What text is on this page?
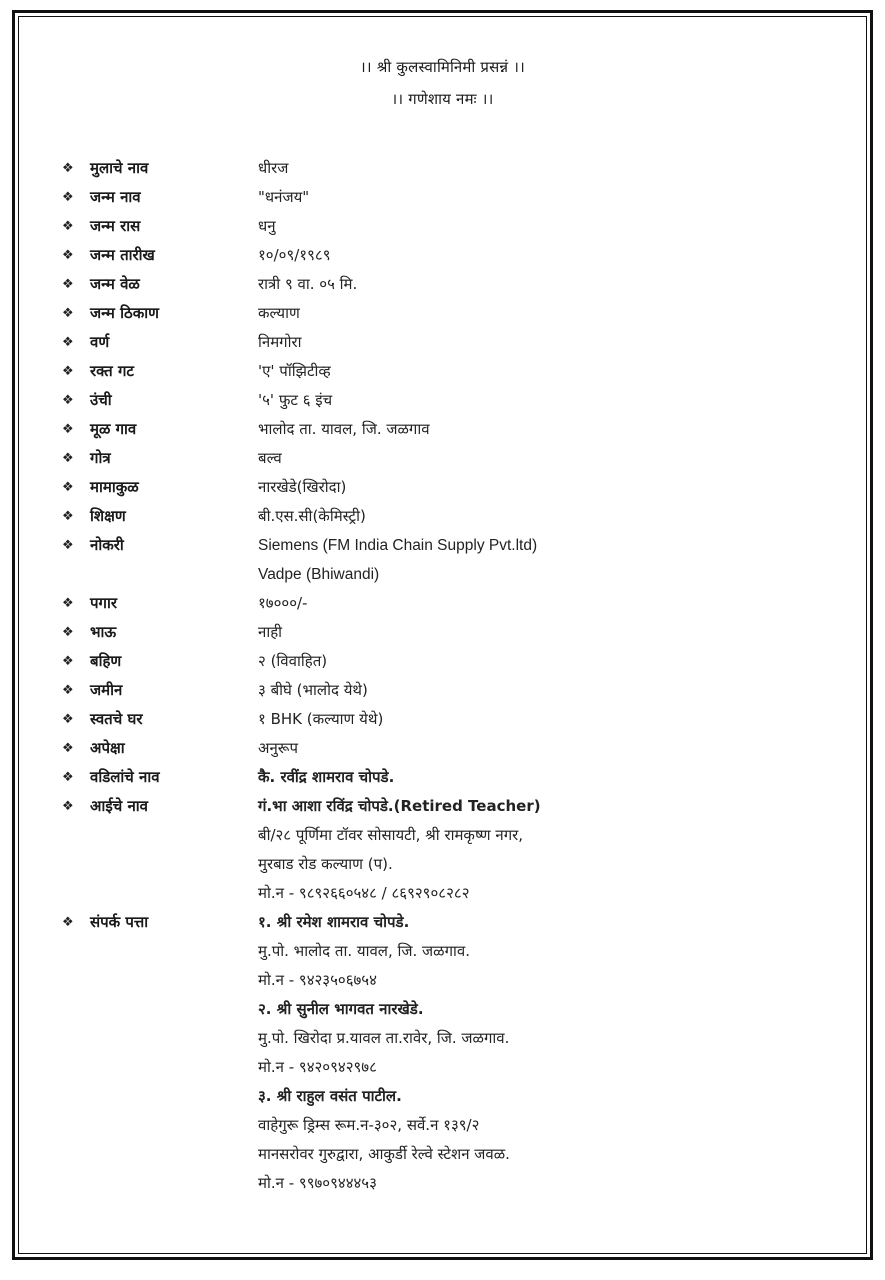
।। श्री कुलस्वामिनिमी प्रसन्नं ।।
।। गणेशाय नमः ।।
❖	मुलाचे नाव	धीरज
❖	जन्म नाव	"धनंजय"
❖	जन्म रास	धनु
❖	जन्म तारीख	१०/०९/१९८९
❖	जन्म वेळ	रात्री ९ वा. ०५ मि.
❖	जन्म ठिकाण	कल्याण
❖	वर्ण	निमगोरा
❖	रक्त गट	'ए' पॉझिटीव्ह
❖	उंची	'५' फुट ६ इंच
❖	मूळ गाव	भालोद ता. यावल, जि. जळगाव
❖	गोत्र	बल्व
❖	मामाकुळ	नारखेडे(खिरोदा)
❖	शिक्षण	बी.एस.सी(केमिस्ट्री)
❖	नोकरी	Siemens (FM India Chain Supply Pvt.ltd)
Vadpe (Bhiwandi)
❖	पगार	१७०००/-
❖	भाऊ	नाही
❖	बहिण	२ (विवाहित)
❖	जमीन	३ बीघे (भालोद येथे)
❖	स्वतचे घर	१ BHK (कल्याण येथे)
❖	अपेक्षा	अनुरूप
❖	वडिलांचे नाव	कै. रवींद्र शामराव चोपडे.
❖	आईचे नाव	गं.भा आशा रविंद्र चोपडे.(Retired Teacher)
बी/२८ पूर्णिमा टॉवर सोसायटी, श्री रामकृष्ण नगर,
मुरबाड रोड कल्याण (प).
मो.न - ९८९२६६०५४८ / ८६९२९०८२८२
❖	संपर्क पत्ता	१. श्री रमेश शामराव चोपडे.
मु.पो. भालोद ता. यावल, जि. जळगाव.
मो.न - ९४२३५०६७५४
२. श्री सुनील भागवत नारखेडे.
मु.पो. खिरोदा प्र.यावल ता.रावेर, जि. जळगाव.
मो.न - ९४२०९४२९७८
३. श्री राहुल वसंत पाटील.
वाहेगुरू ड्रिम्स रूम.न-३०२, सर्वे.न १३९/२
मानसरोवर गुरुद्वारा, आकुर्डी रेल्वे स्टेशन जवळ.
मो.न - ९९७०९४४४५३
